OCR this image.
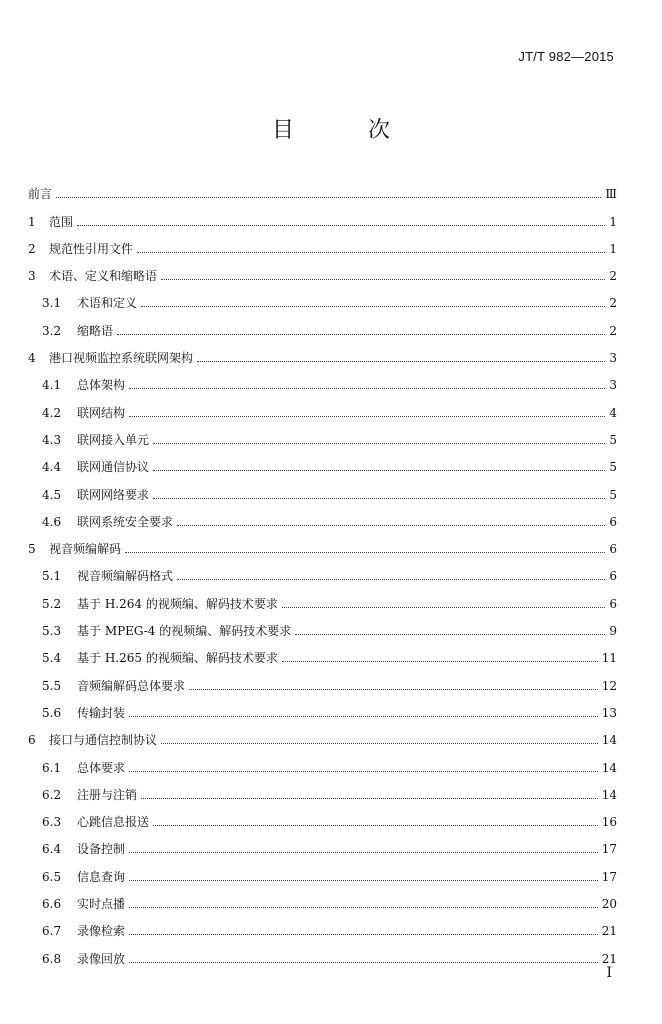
JT/T 982—2015
目　次
前言	Ⅲ
1	范围	1
2	规范性引用文件	1
3	术语、定义和缩略语	2
3.1	术语和定义	2
3.2	缩略语	2
4	港口视频监控系统联网架构	3
4.1	总体架构	3
4.2	联网结构	4
4.3	联网接入单元	5
4.4	联网通信协议	5
4.5	联网网络要求	5
4.6	联网系统安全要求	6
5	视音频编解码	6
5.1	视音频编解码格式	6
5.2	基于 H.264 的视频编、解码技术要求	6
5.3	基于 MPEG-4 的视频编、解码技术要求	9
5.4	基于 H.265 的视频编、解码技术要求	11
5.5	音频编解码总体要求	12
5.6	传输封装	13
6	接口与通信控制协议	14
6.1	总体要求	14
6.2	注册与注销	14
6.3	心跳信息报送	16
6.4	设备控制	17
6.5	信息查询	17
6.6	实时点播	20
6.7	录像检索	21
6.8	录像回放	21
Ⅰ
